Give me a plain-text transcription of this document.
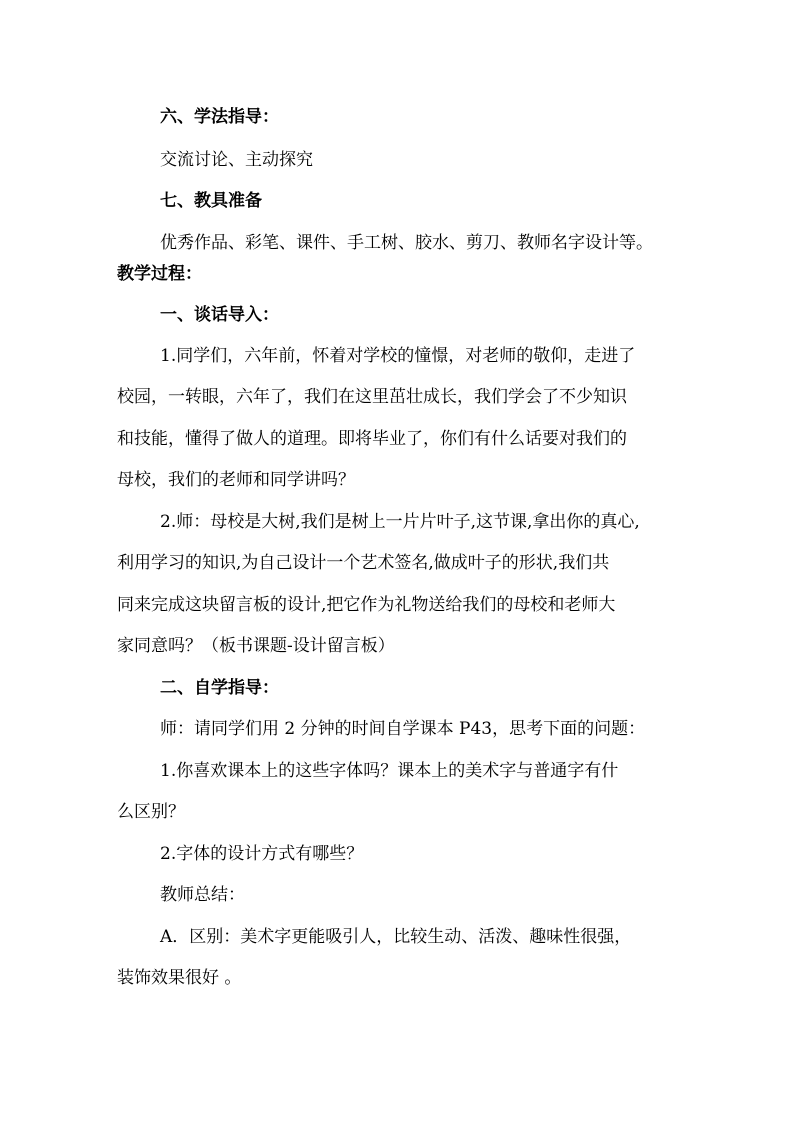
六、学法指导：
交流讨论、主动探究
七、教具准备
优秀作品、彩笔、课件、手工树、胶水、剪刀、教师名字设计等。
教学过程：
一、谈话导入：
1.同学们，六年前，怀着对学校的憧憬，对老师的敬仰，走进了
校园，一转眼，六年了，我们在这里茁壮成长，我们学会了不少知识
和技能，懂得了做人的道理。即将毕业了，你们有什么话要对我们的
母校，我们的老师和同学讲吗？
2.师：母校是大树,我们是树上一片片叶子,这节课,拿出你的真心,
利用学习的知识,为自己设计一个艺术签名,做成叶子的形状,我们共
同来完成这块留言板的设计,把它作为礼物送给我们的母校和老师大
家同意吗？（板书课题-设计留言板）
二、自学指导：
师：请同学们用 2 分钟的时间自学课本 P43，思考下面的问题：
1.你喜欢课本上的这些字体吗？课本上的美术字与普通字有什
么区别？
2.字体的设计方式有哪些？
教师总结：
A．区别：美术字更能吸引人，比较生动、活泼、趣味性很强，
装饰效果很好 。
